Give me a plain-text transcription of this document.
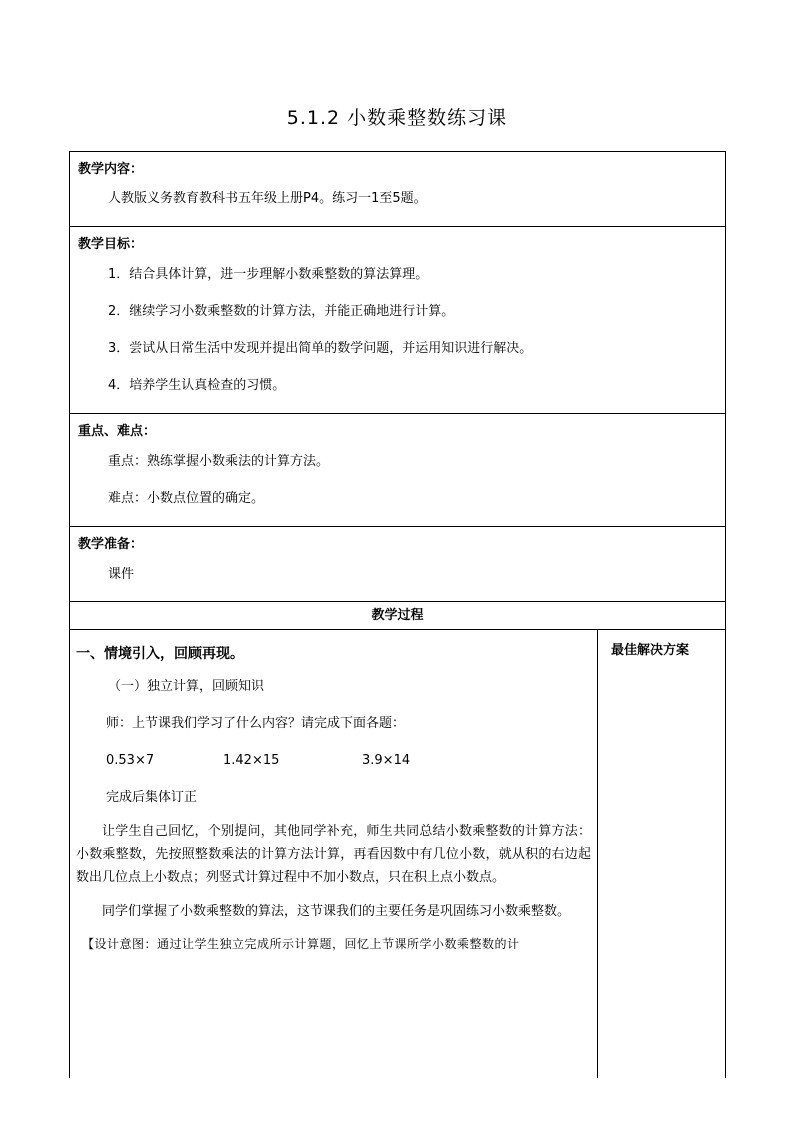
5.1.2 小数乘整数练习课
教学内容：
人教版义务教育教科书五年级上册P4。练习一1至5题。
教学目标：
1．结合具体计算，进一步理解小数乘整数的算法算理。
2．继续学习小数乘整数的计算方法，并能正确地进行计算。
3．尝试从日常生活中发现并提出简单的数学问题，并运用知识进行解决。
4．培养学生认真检查的习惯。
重点、难点：
重点：熟练掌握小数乘法的计算方法。
难点：小数点位置的确定。
教学准备：
课件
教学过程
一、情境引入，回顾再现。
（一）独立计算，回顾知识
师：上节课我们学习了什么内容？请完成下面各题：
0.53×7	1.42×15	3.9×14
完成后集体订正
让学生自己回忆，个别提问，其他同学补充，师生共同总结小数乘整数的计算方法：小数乘整数，先按照整数乘法的计算方法计算，再看因数中有几位小数，就从积的右边起数出几位点上小数点；列竖式计算过程中不加小数点，只在积上点小数点。
同学们掌握了小数乘整数的算法，这节课我们的主要任务是巩固练习小数乘整数。
【设计意图：通过让学生独立完成所示计算题，回忆上节课所学小数乘整数的计
最佳解决方案
